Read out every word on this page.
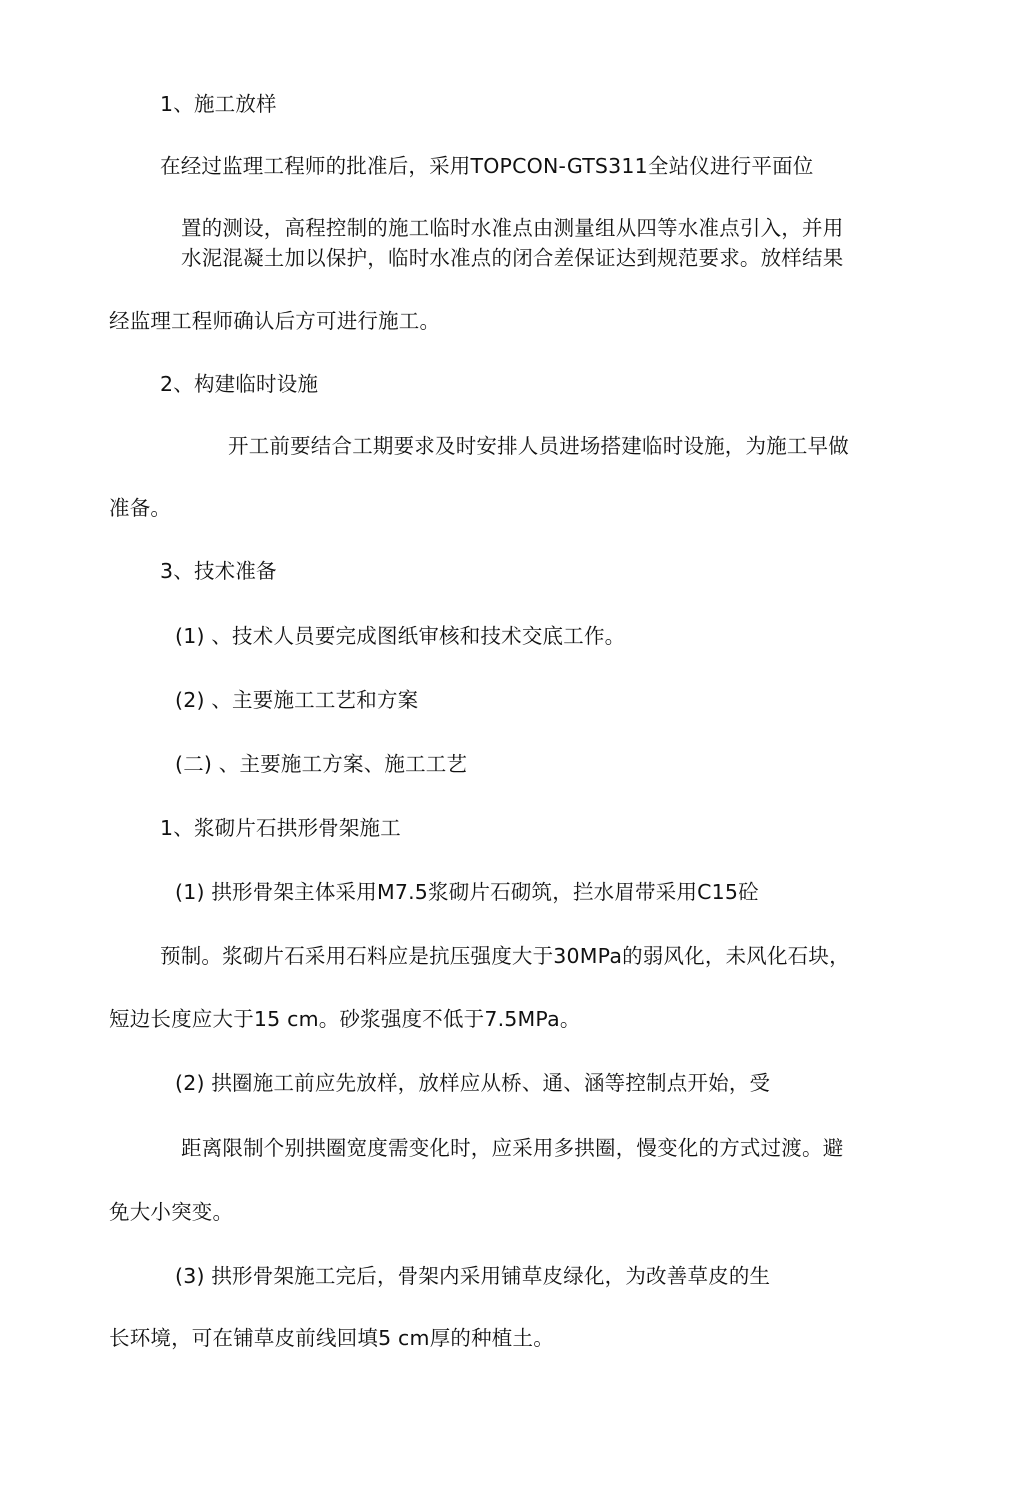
1、施工放样
在经过监理工程师的批准后，采用TOPCON-GTS311全站仪进行平面位
置的测设，高程控制的施工临时水准点由测量组从四等水准点引入，并用
水泥混凝土加以保护，临时水准点的闭合差保证达到规范要求。放样结果
经监理工程师确认后方可进行施工。
2、构建临时设施
开工前要结合工期要求及时安排人员进场搭建临时设施，为施工早做
准备。
3、技术准备
(1) 、技术人员要完成图纸审核和技术交底工作。
(2) 、主要施工工艺和方案
(二) 、主要施工方案、施工工艺
1、浆砌片石拱形骨架施工
(1) 拱形骨架主体采用M7.5浆砌片石砌筑，拦水眉带采用C15砼
预制。浆砌片石采用石料应是抗压强度大于30MPa的弱风化，未风化石块，
短边长度应大于15 cm。砂浆强度不低于7.5MPa。
(2) 拱圈施工前应先放样，放样应从桥、通、涵等控制点开始，受
距离限制个别拱圈宽度需变化时，应采用多拱圈，慢变化的方式过渡。避
免大小突变。
(3) 拱形骨架施工完后，骨架内采用铺草皮绿化，为改善草皮的生
长环境，可在铺草皮前线回填5 cm厚的种植土。
